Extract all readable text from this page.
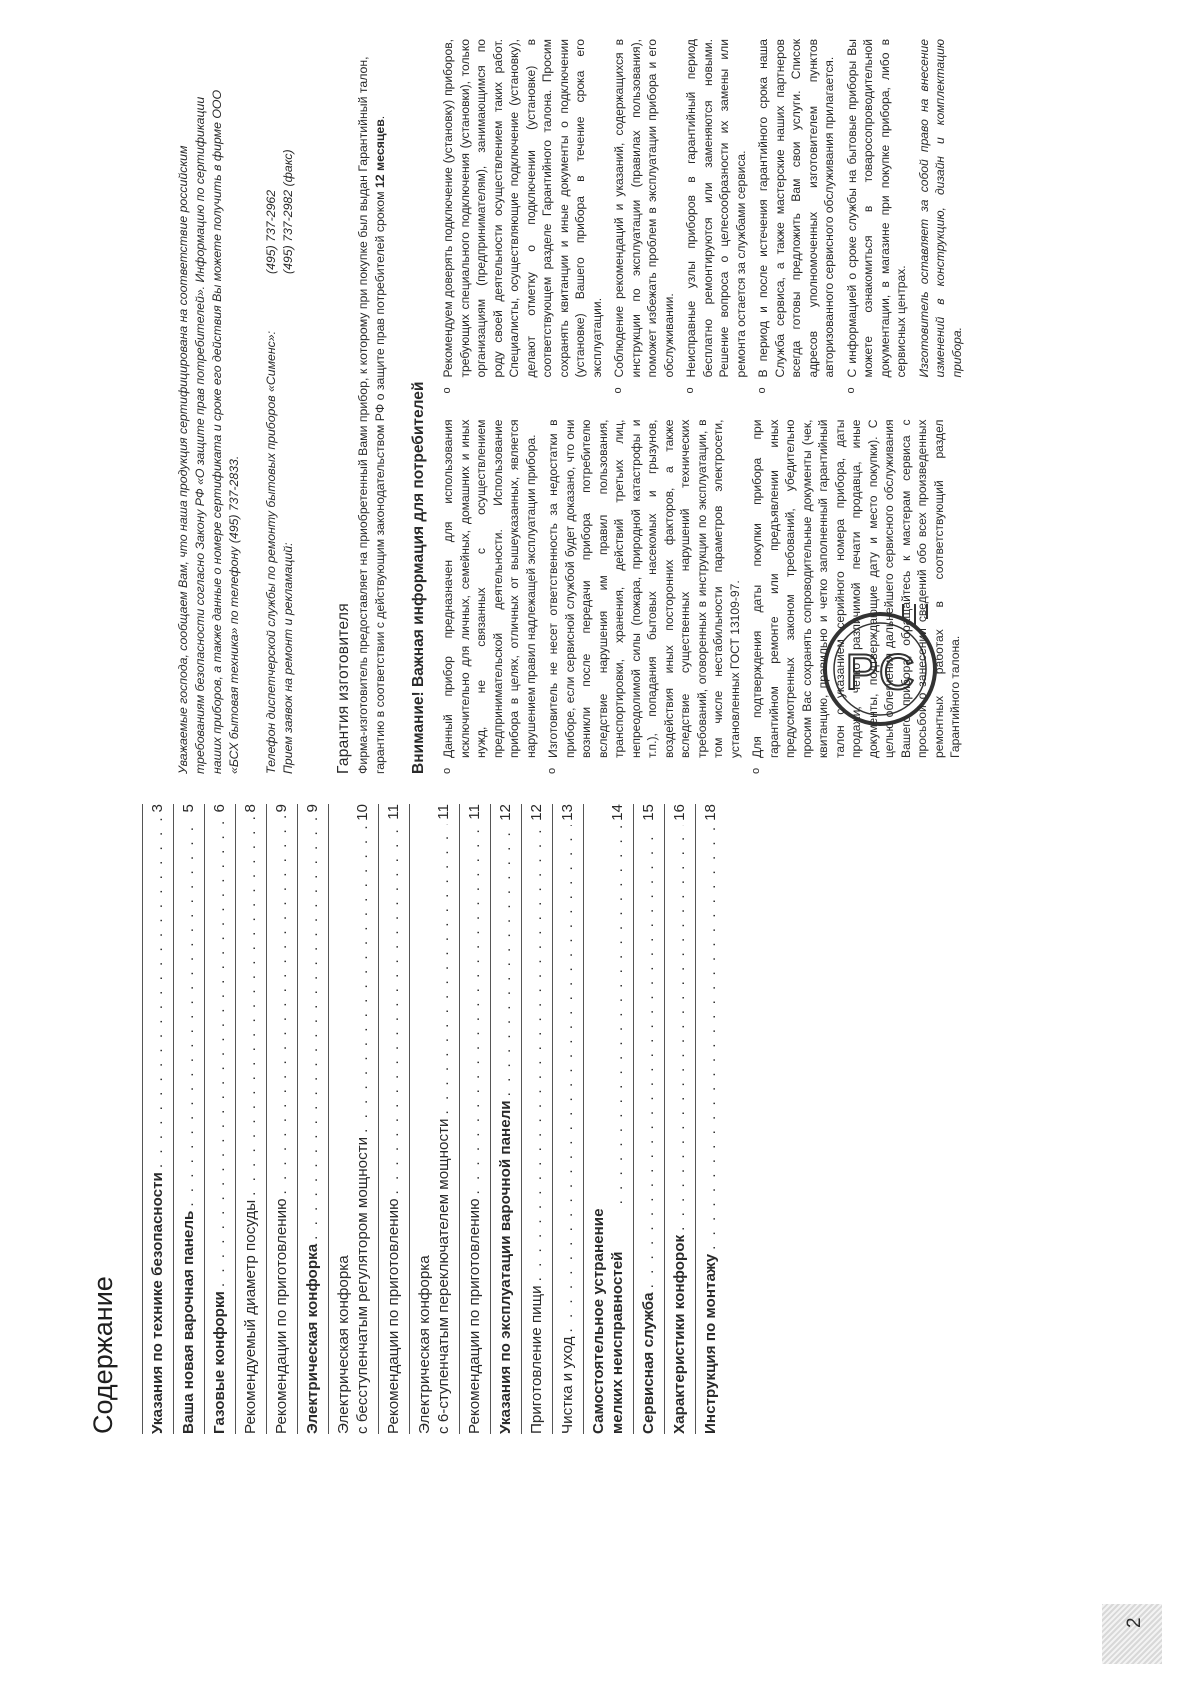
Содержание Указания по технике безопасности
. . .
3
Ваша новая варочная панель
. . .
5
Газовые конфорки
. . .
6
Рекомендуемый диаметр посуды
. . .
8
Рекомендации по приготовлению
. . .
9
Электрическая конфорка
. . .
9
Электрическая конфорка с бесступенчатым регулятором мощности
. . .
10
Рекомендации по приготовлению
. . .
11
Электрическая конфорка с 6-ступенчатым переключателем мощности
. . .
11
Рекомендации по приготовлению
. . .
11
Указания по эксплуатации варочной панели
. . .
12
Приготовление пищи
. . .
12
Чистка и уход
. . .
13
Самостоятельное устранение мелких неисправностей
. . .
14
Сервисная служба
. . .
15
Характеристики конфорок
. . .
16
Инструкция по монтажу
. . .
18
2
PC

Уважаемые господа, сообщаем Вам, что наша продукция сертифицирована на соответствие российским требованиям безопасности согласно Закону РФ «О защите прав потребителей». Информацию по сертификации наших приборов, а также данные о номере сертификата и сроке его действия Вы можете получить в фирме ООО «БСХ бытовая техника» по телефону (495) 737-2833. Телефон диспетчерской службы по ремонту бытовых приборов «Сименс»:
(495) 737-2962
Прием заявок на ремонт и рекламаций:
(495) 737-2982 (факс)
Гарантия изготовителя Фирма-изготовитель предоставляет на приобретенный Вами прибор, к которому при покупке был выдан Гарантийный талон, гарантию в соответствии с действующим законодательством РФ о защите прав потребителей сроком 12 месяцев.

Внимание! Важная информация для потребителей o Данный прибор предназначен для использования исключительно для личных, семейных, домашних и иных нужд, не связанных с осуществлением предпринимательской деятельности. Использование прибора в целях, отличных от вышеуказанных, является нарушением правил надлежащей эксплуатации прибора. o Изготовитель не несет ответственность за недостатки в приборе, если сервисной службой будет доказано, что они возникли после передачи прибора потребителю вследствие нарушения им правил пользования, транспортировки, хранения, действий третьих лиц, непреодолимой силы (пожара, природной катастрофы и т.п.), попадания бытовых насекомых и грызунов, воздействия иных посторонних факторов, а также вследствие существенных нарушений технических требований, оговоренных в инструкции по эксплуатации, в том числе нестабильности параметров электросети, установленных ГОСТ 13109-97. o Для подтверждения даты покупки прибора при гарантийном ремонте или предъявлении иных предусмотренных законом требований, убедительно просим Вас сохранять сопроводительные документы (чек, квитанцию, правильно и четко заполненный гарантийный талон с указанием серийного номера прибора, даты продажи, четко различимой печати продавца, иные документы, подтверждающие дату и место покупки). С целью облегчения дальнейшего сервисного обслуживания Вашего прибора, обращайтесь к мастерам сервиса с просьбой о занесении сведений обо всех произведенных ремонтных работах в соответствующий раздел Гарантийного талона.

o Рекомендуем доверять подключение (установку) приборов, требующих специального подключения (установки), только организациям (предпринимателям), занимающимся по роду своей деятельности осуществлением таких работ. Специалисты, осуществляющие подключение (установку), делают отметку о подключении (установке) в соответствующем разделе Гарантийного талона. Просим сохранять квитанции и иные документы о подключении (установке) Вашего прибора в течение срока его эксплуатации. o Соблюдение рекомендаций и указаний, содержащихся в инструкции по эксплуатации (правилах пользования), поможет избежать проблем в эксплуатации прибора и его обслуживании. o Неисправные узлы приборов в гарантийный период бесплатно ремонтируются или заменяются новыми. Решение вопроса о целесообразности их замены или ремонта остается за службами сервиса. o В период и после истечения гарантийного срока наша Служба сервиса, а также мастерские наших партнеров всегда готовы предложить Вам свои услуги. Список адресов уполномоченных изготовителем пунктов авторизованного сервисного обслуживания прилагается. o С информацией о сроке службы на бытовые приборы Вы можете ознакомиться в товаросопроводительной документации, в магазине при покупке прибора, либо в сервисных центрах. Изготовитель оставляет за собой право на внесение изменений в конструкцию, дизайн и комплектацию прибора.
